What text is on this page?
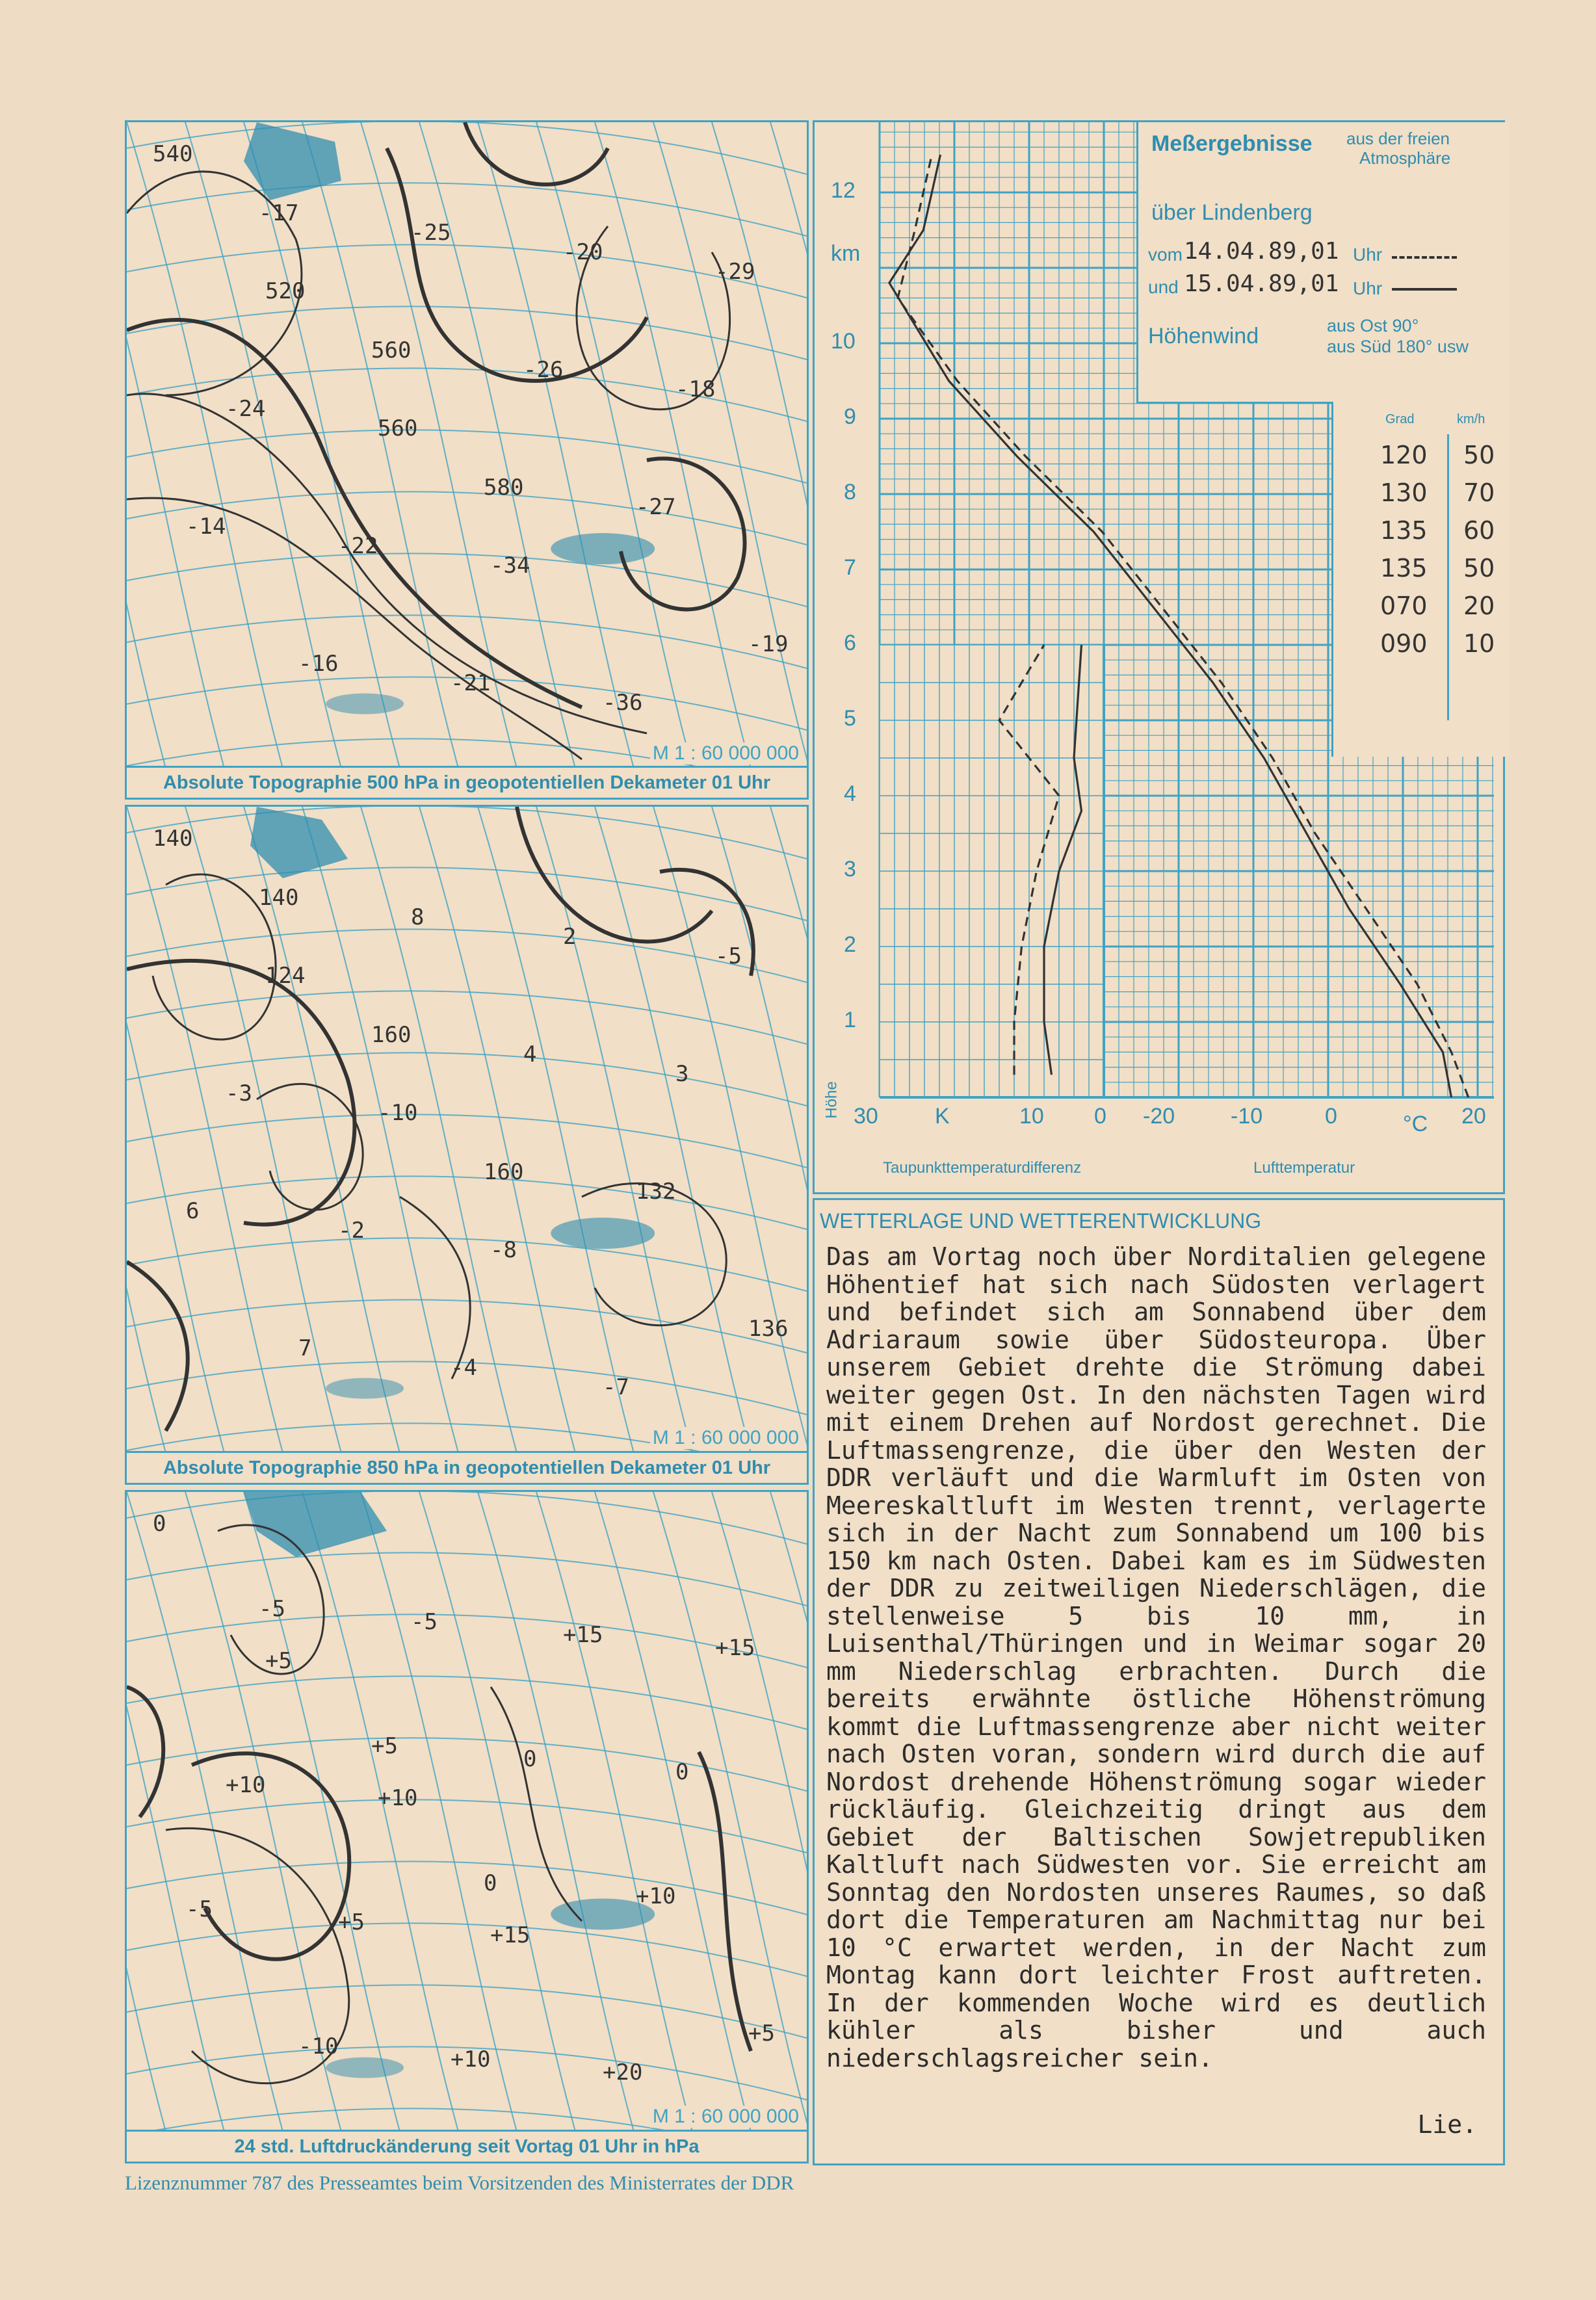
540
520
560
-34
-36
-29
-24
-22
-21
-20
-18
-14
-16
-25
-26
-27
-19
-17
560
580
M 1 : 60 000 000
Absolute Topographie 500 hPa in geopotentiellen Dekameter 01 Uhr
140
124
-10
-8
-7
-5
-3
-2
-4
2
3
6
7
8
4
132
136
140
160
160
M 1 : 60 000 000
Absolute Topographie 850 hPa in geopotentiellen Dekameter 01 Uhr
0
+5
+10
+15
+20
+15
+10
+5
+10
+15
0
-5
-10
-5
0
+10
+5
-5
+5
0
M 1 : 60 000 000
24 std. Luftdruckänderung seit Vortag 01 Uhr in hPa
Meßergebnisse aus der freien
Atmosphäre
über Lindenberg
vom 14.04.89,01 Uhr
und 15.04.89,01 Uhr
Höhenwind	aus Ost 90°
aus Süd 180° usw
Grad	km/h
120 50
130 70
135 60
135 50
070 20
090 10
km
12
10
9
8
7
6
5
4
3
2
1
Höhe 30	K	10 0 -20	-10	0	°C 20
Taupunkttemperaturdifferenz	Lufttemperatur
WETTERLAGE UND WETTERENTWICKLUNG
Das am Vortag noch über Norditalien gelegene Höhentief hat sich nach Südosten verlagert und befindet sich am Sonnabend über dem Adriaraum sowie über Südosteuropa. Über unserem Gebiet drehte die Strömung dabei weiter gegen Ost. In den nächsten Tagen wird mit einem Drehen auf Nordost gerechnet. Die Luftmassengrenze, die über den Westen der DDR verläuft und die Warmluft im Osten von Meereskaltluft im Westen trennt, verlagerte sich in der Nacht zum Sonnabend um 100 bis 150 km nach Osten. Dabei kam es im Südwesten der DDR zu zeitweiligen Niederschlägen, die stellenweise 5 bis 10 mm, in Luisenthal/Thüringen und in Weimar sogar 20 mm Niederschlag erbrachten. Durch die bereits erwähnte östliche Höhenströmung kommt die Luftmassengrenze aber nicht weiter nach Osten voran, sondern wird durch die auf Nordost drehende Höhenströmung sogar wieder rückläufig. Gleichzeitig dringt aus dem Gebiet der Baltischen Sowjetrepubliken Kaltluft nach Südwesten vor. Sie erreicht am Sonntag den Nordosten unseres Raumes, so daß dort die Temperaturen am Nachmittag nur bei 10 °C erwartet werden, in der Nacht zum Montag kann dort leichter Frost auftreten. In der kommenden Woche wird es deutlich kühler als bisher und auch niederschlagsreicher sein.
Lie.
Lizenznummer 787 des Presseamtes beim Vorsitzenden des Ministerrates der DDR
